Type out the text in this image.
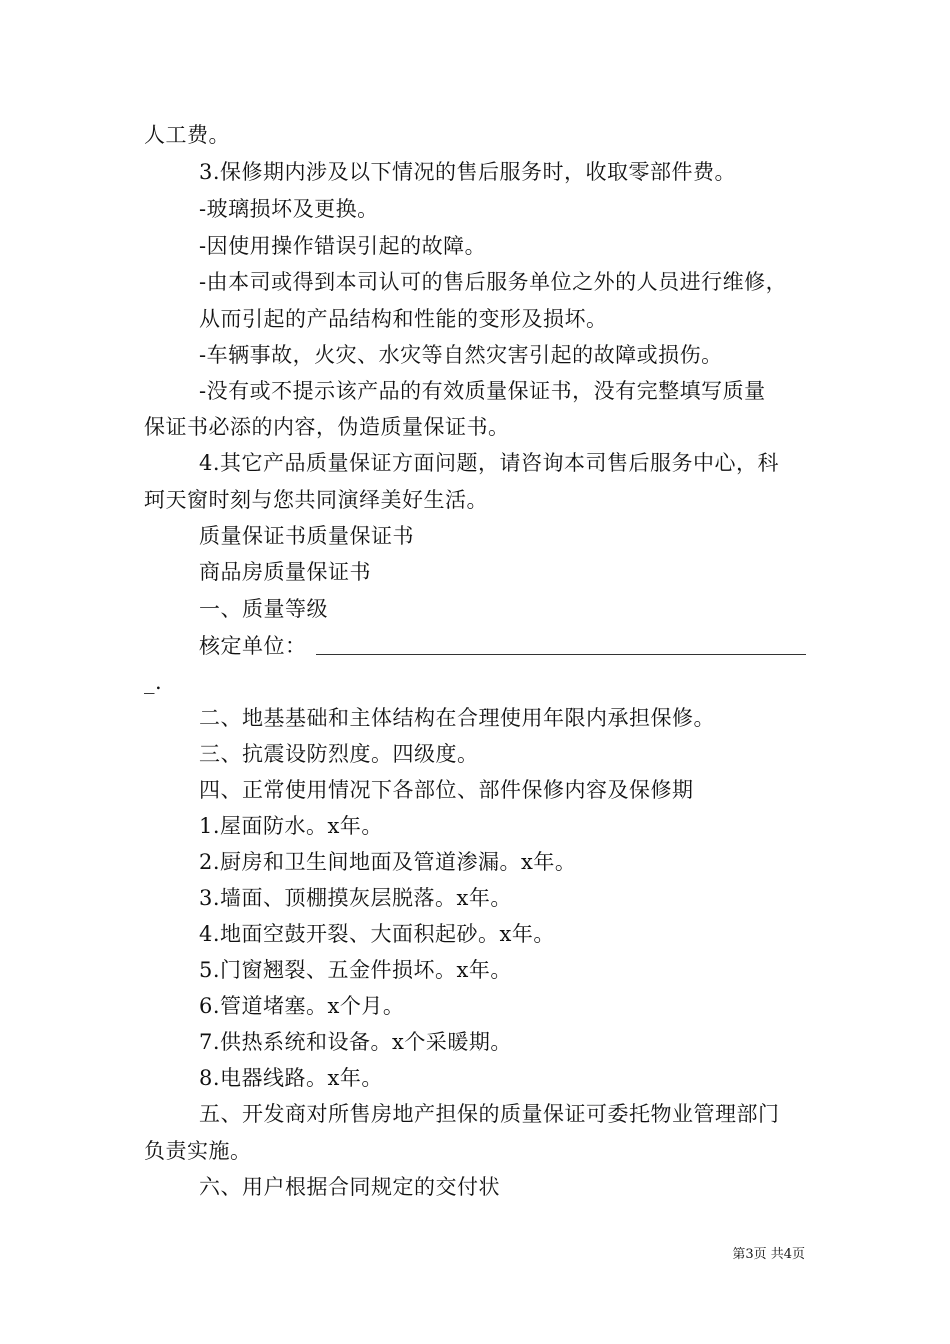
人工费。
3.保修期内涉及以下情况的售后服务时，收取零部件费。
-玻璃损坏及更换。
-因使用操作错误引起的故障。
-由本司或得到本司认可的售后服务单位之外的人员进行维修，
从而引起的产品结构和性能的变形及损坏。
-车辆事故，火灾、水灾等自然灾害引起的故障或损伤。
-没有或不提示该产品的有效质量保证书，没有完整填写质量
保证书必添的内容，伪造质量保证书。
4.其它产品质量保证方面问题，请咨询本司售后服务中心，科
珂天窗时刻与您共同演绎美好生活。
质量保证书质量保证书
商品房质量保证书
一、质量等级
核定单位：
_.
二、地基基础和主体结构在合理使用年限内承担保修。
三、抗震设防烈度。四级度。
四、正常使用情况下各部位、部件保修内容及保修期
1.屋面防水。x年。
2.厨房和卫生间地面及管道渗漏。x年。
3.墙面、顶棚摸灰层脱落。x年。
4.地面空鼓开裂、大面积起砂。x年。
5.门窗翘裂、五金件损坏。x年。
6.管道堵塞。x个月。
7.供热系统和设备。x个采暖期。
8.电器线路。x年。
五、开发商对所售房地产担保的质量保证可委托物业管理部门
负责实施。
六、用户根据合同规定的交付状
第3页 共4页
